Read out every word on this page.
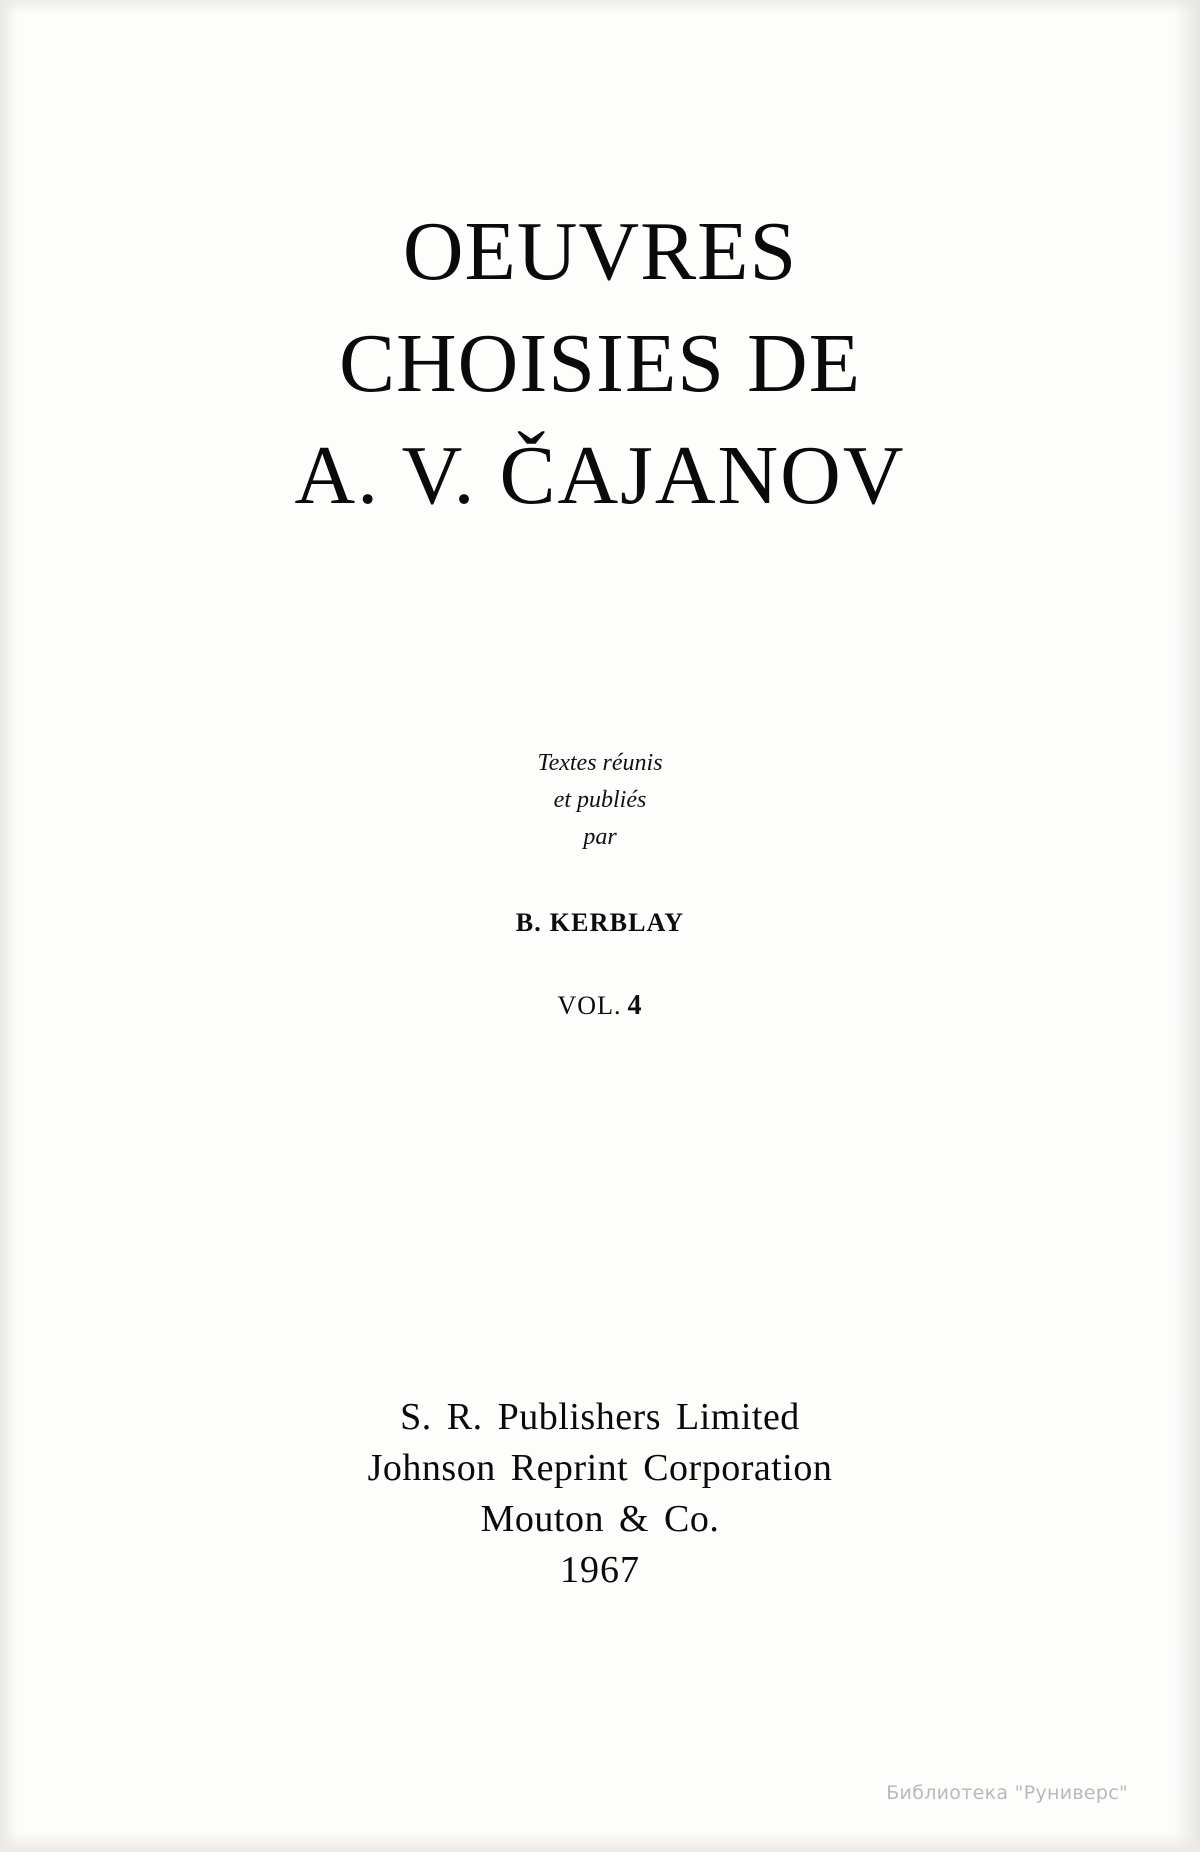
OEUVRES
CHOISIES DE
A. V. ČAJANOV
Textes réunis
et publiés
par
B. KERBLAY
VOL. 4
S. R. Publishers Limited
Johnson Reprint Corporation
Mouton & Co.
1967
Библиотека "Руниверс"
